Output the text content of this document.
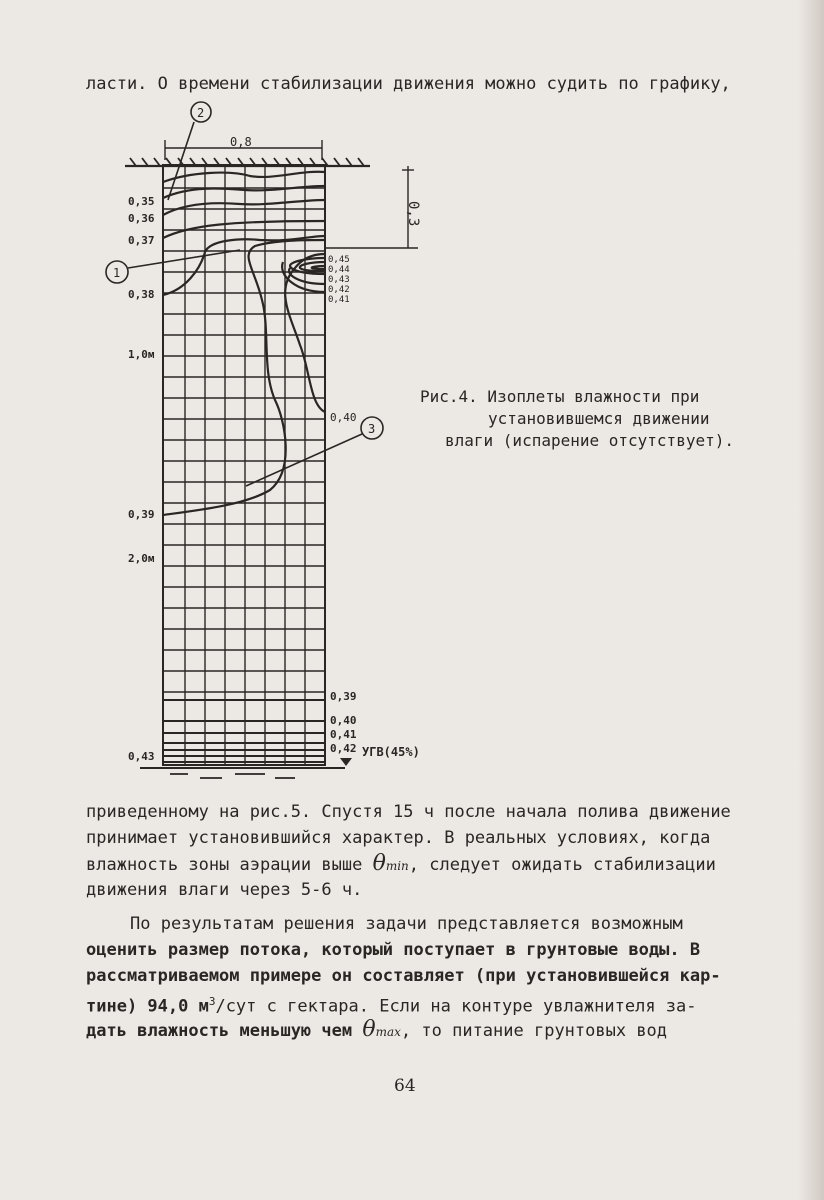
ласти. О времени стабилизации движения можно судить по графику,
0,8
0,3
2
1
3
0,35
0,36
0,37
0,38
1,0м
0,39
2,0м
0,43
0,45
0,44
0,43
0,42
0,41
0,40
0,39
0,40
0,41
0,42 УГВ(45%)
Рис.4. Изоплеты влажности при
установившемся движении
влаги (испарение отсутствует).
приведенному на рис.5. Спустя 15 ч после начала полива движение
принимает установившийся характер. В реальных условиях, когда
влажность зоны аэрации выше θmin, следует ожидать стабилизации
движения влаги через 5-6 ч.
По результатам решения задачи представляется возможным
оценить размер потока, который поступает в грунтовые воды. В
рассматриваемом примере он составляет (при установившейся кар-
тине) 94,0 $м^3$/сут с гектара. Если на контуре увлажнителя за-
дать влажность меньшую чем θmax, то питание грунтовых вод
64
